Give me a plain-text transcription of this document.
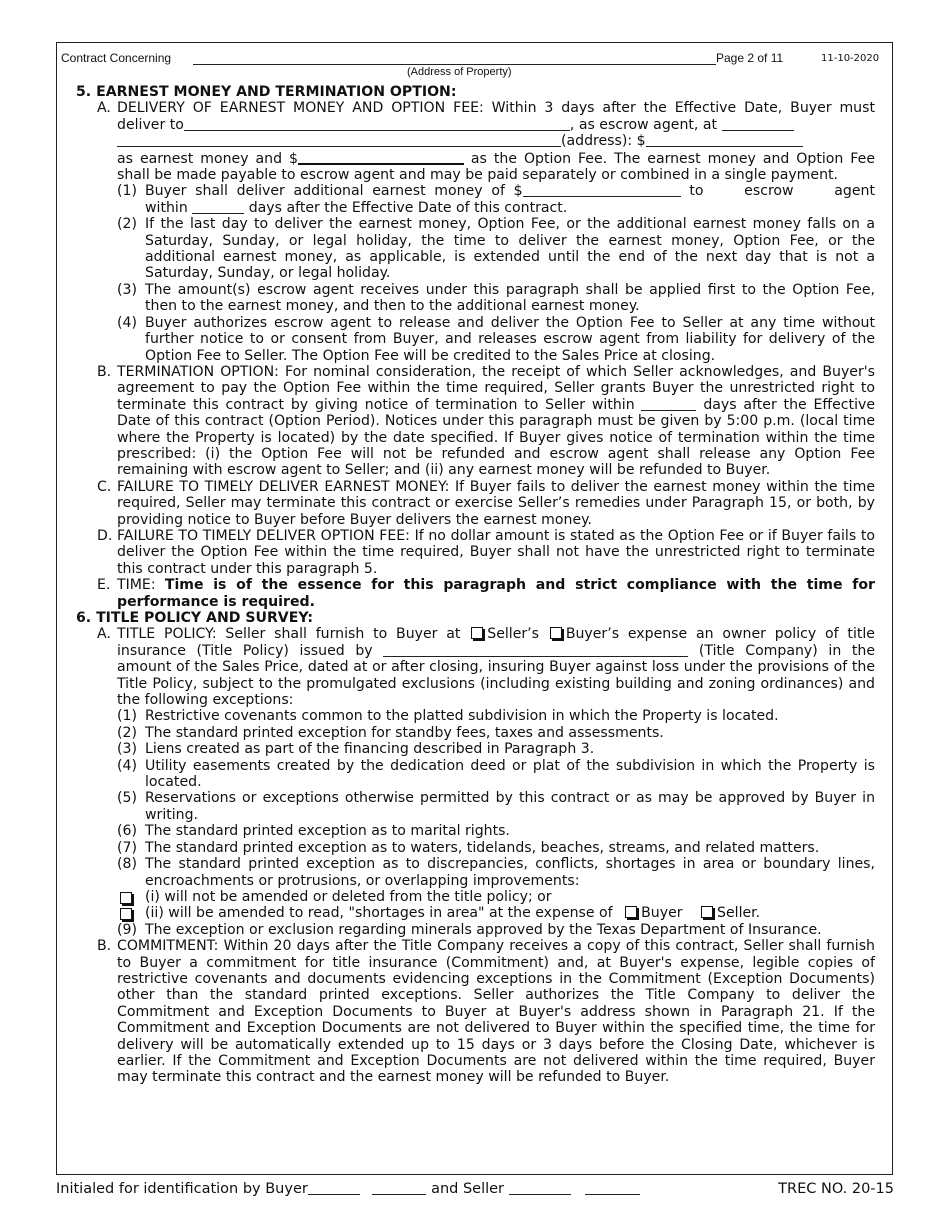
Contract Concerning	Page 2 of 11	11-10-2020
(Address of Property)
5. EARNEST MONEY AND TERMINATION OPTION:
A. DELIVERY OF EARNEST MONEY AND OPTION FEE: Within 3 days after the Effective Date, Buyer must deliver to	, as escrow agent, at
(address): $
as earnest money and $	as the Option Fee. The earnest money and Option Fee shall be made payable to escrow agent and may be paid separately or combined in a single payment.
(1) Buyer shall deliver additional earnest money of $	to escrow agent within	days after the Effective Date of this contract.
(2) If the last day to deliver the earnest money, Option Fee, or the additional earnest money falls on a Saturday, Sunday, or legal holiday, the time to deliver the earnest money, Option Fee, or the additional earnest money, as applicable, is extended until the end of the next day that is not a Saturday, Sunday, or legal holiday.
(3) The amount(s) escrow agent receives under this paragraph shall be applied first to the Option Fee, then to the earnest money, and then to the additional earnest money.
(4) Buyer authorizes escrow agent to release and deliver the Option Fee to Seller at any time without further notice to or consent from Buyer, and releases escrow agent from liability for delivery of the Option Fee to Seller. The Option Fee will be credited to the Sales Price at closing.
B. TERMINATION OPTION: For nominal consideration, the receipt of which Seller acknowledges, and Buyer's agreement to pay the Option Fee within the time required, Seller grants Buyer the unrestricted right to terminate this contract by giving notice of termination to Seller within	days after the Effective Date of this contract (Option Period). Notices under this paragraph must be given by 5:00 p.m. (local time where the Property is located) by the date specified. If Buyer gives notice of termination within the time prescribed: (i) the Option Fee will not be refunded and escrow agent shall release any Option Fee remaining with escrow agent to Seller; and (ii) any earnest money will be refunded to Buyer.
C. FAILURE TO TIMELY DELIVER EARNEST MONEY: If Buyer fails to deliver the earnest money within the time required, Seller may terminate this contract or exercise Seller’s remedies under Paragraph 15, or both, by providing notice to Buyer before Buyer delivers the earnest money.
D. FAILURE TO TIMELY DELIVER OPTION FEE: If no dollar amount is stated as the Option Fee or if Buyer fails to deliver the Option Fee within the time required, Buyer shall not have the unrestricted right to terminate this contract under this paragraph 5.
E. TIME: Time is of the essence for this paragraph and strict compliance with the time for performance is required.
6. TITLE POLICY AND SURVEY:
A. TITLE POLICY: Seller shall furnish to Buyer at Seller’s Buyer’s expense an owner policy of title insurance (Title Policy) issued by	(Title Company) in the amount of the Sales Price, dated at or after closing, insuring Buyer against loss under the provisions of the Title Policy, subject to the promulgated exclusions (including existing building and zoning ordinances) and the following exceptions:
(1) Restrictive covenants common to the platted subdivision in which the Property is located.
(2) The standard printed exception for standby fees, taxes and assessments.
(3) Liens created as part of the financing described in Paragraph 3.
(4) Utility easements created by the dedication deed or plat of the subdivision in which the Property is located.
(5) Reservations or exceptions otherwise permitted by this contract or as may be approved by Buyer in writing.
(6) The standard printed exception as to marital rights.
(7) The standard printed exception as to waters, tidelands, beaches, streams, and related matters.
(8) The standard printed exception as to discrepancies, conflicts, shortages in area or boundary lines, encroachments or protrusions, or overlapping improvements:
(i) will not be amended or deleted from the title policy; or
(ii) will be amended to read, "shortages in area" at the expense of Buyer Seller.
(9) The exception or exclusion regarding minerals approved by the Texas Department of Insurance.
B. COMMITMENT: Within 20 days after the Title Company receives a copy of this contract, Seller shall furnish to Buyer a commitment for title insurance (Commitment) and, at Buyer's expense, legible copies of restrictive covenants and documents evidencing exceptions in the Commitment (Exception Documents) other than the standard printed exceptions. Seller authorizes the Title Company to deliver the Commitment and Exception Documents to Buyer at Buyer's address shown in Paragraph 21. If the Commitment and Exception Documents are not delivered to Buyer within the specified time, the time for delivery will be automatically extended up to 15 days or 3 days before the Closing Date, whichever is earlier. If the Commitment and Exception Documents are not delivered within the time required, Buyer may terminate this contract and the earnest money will be refunded to Buyer.
Initialed for identification by Buyer	and Seller	TREC NO. 20-15
